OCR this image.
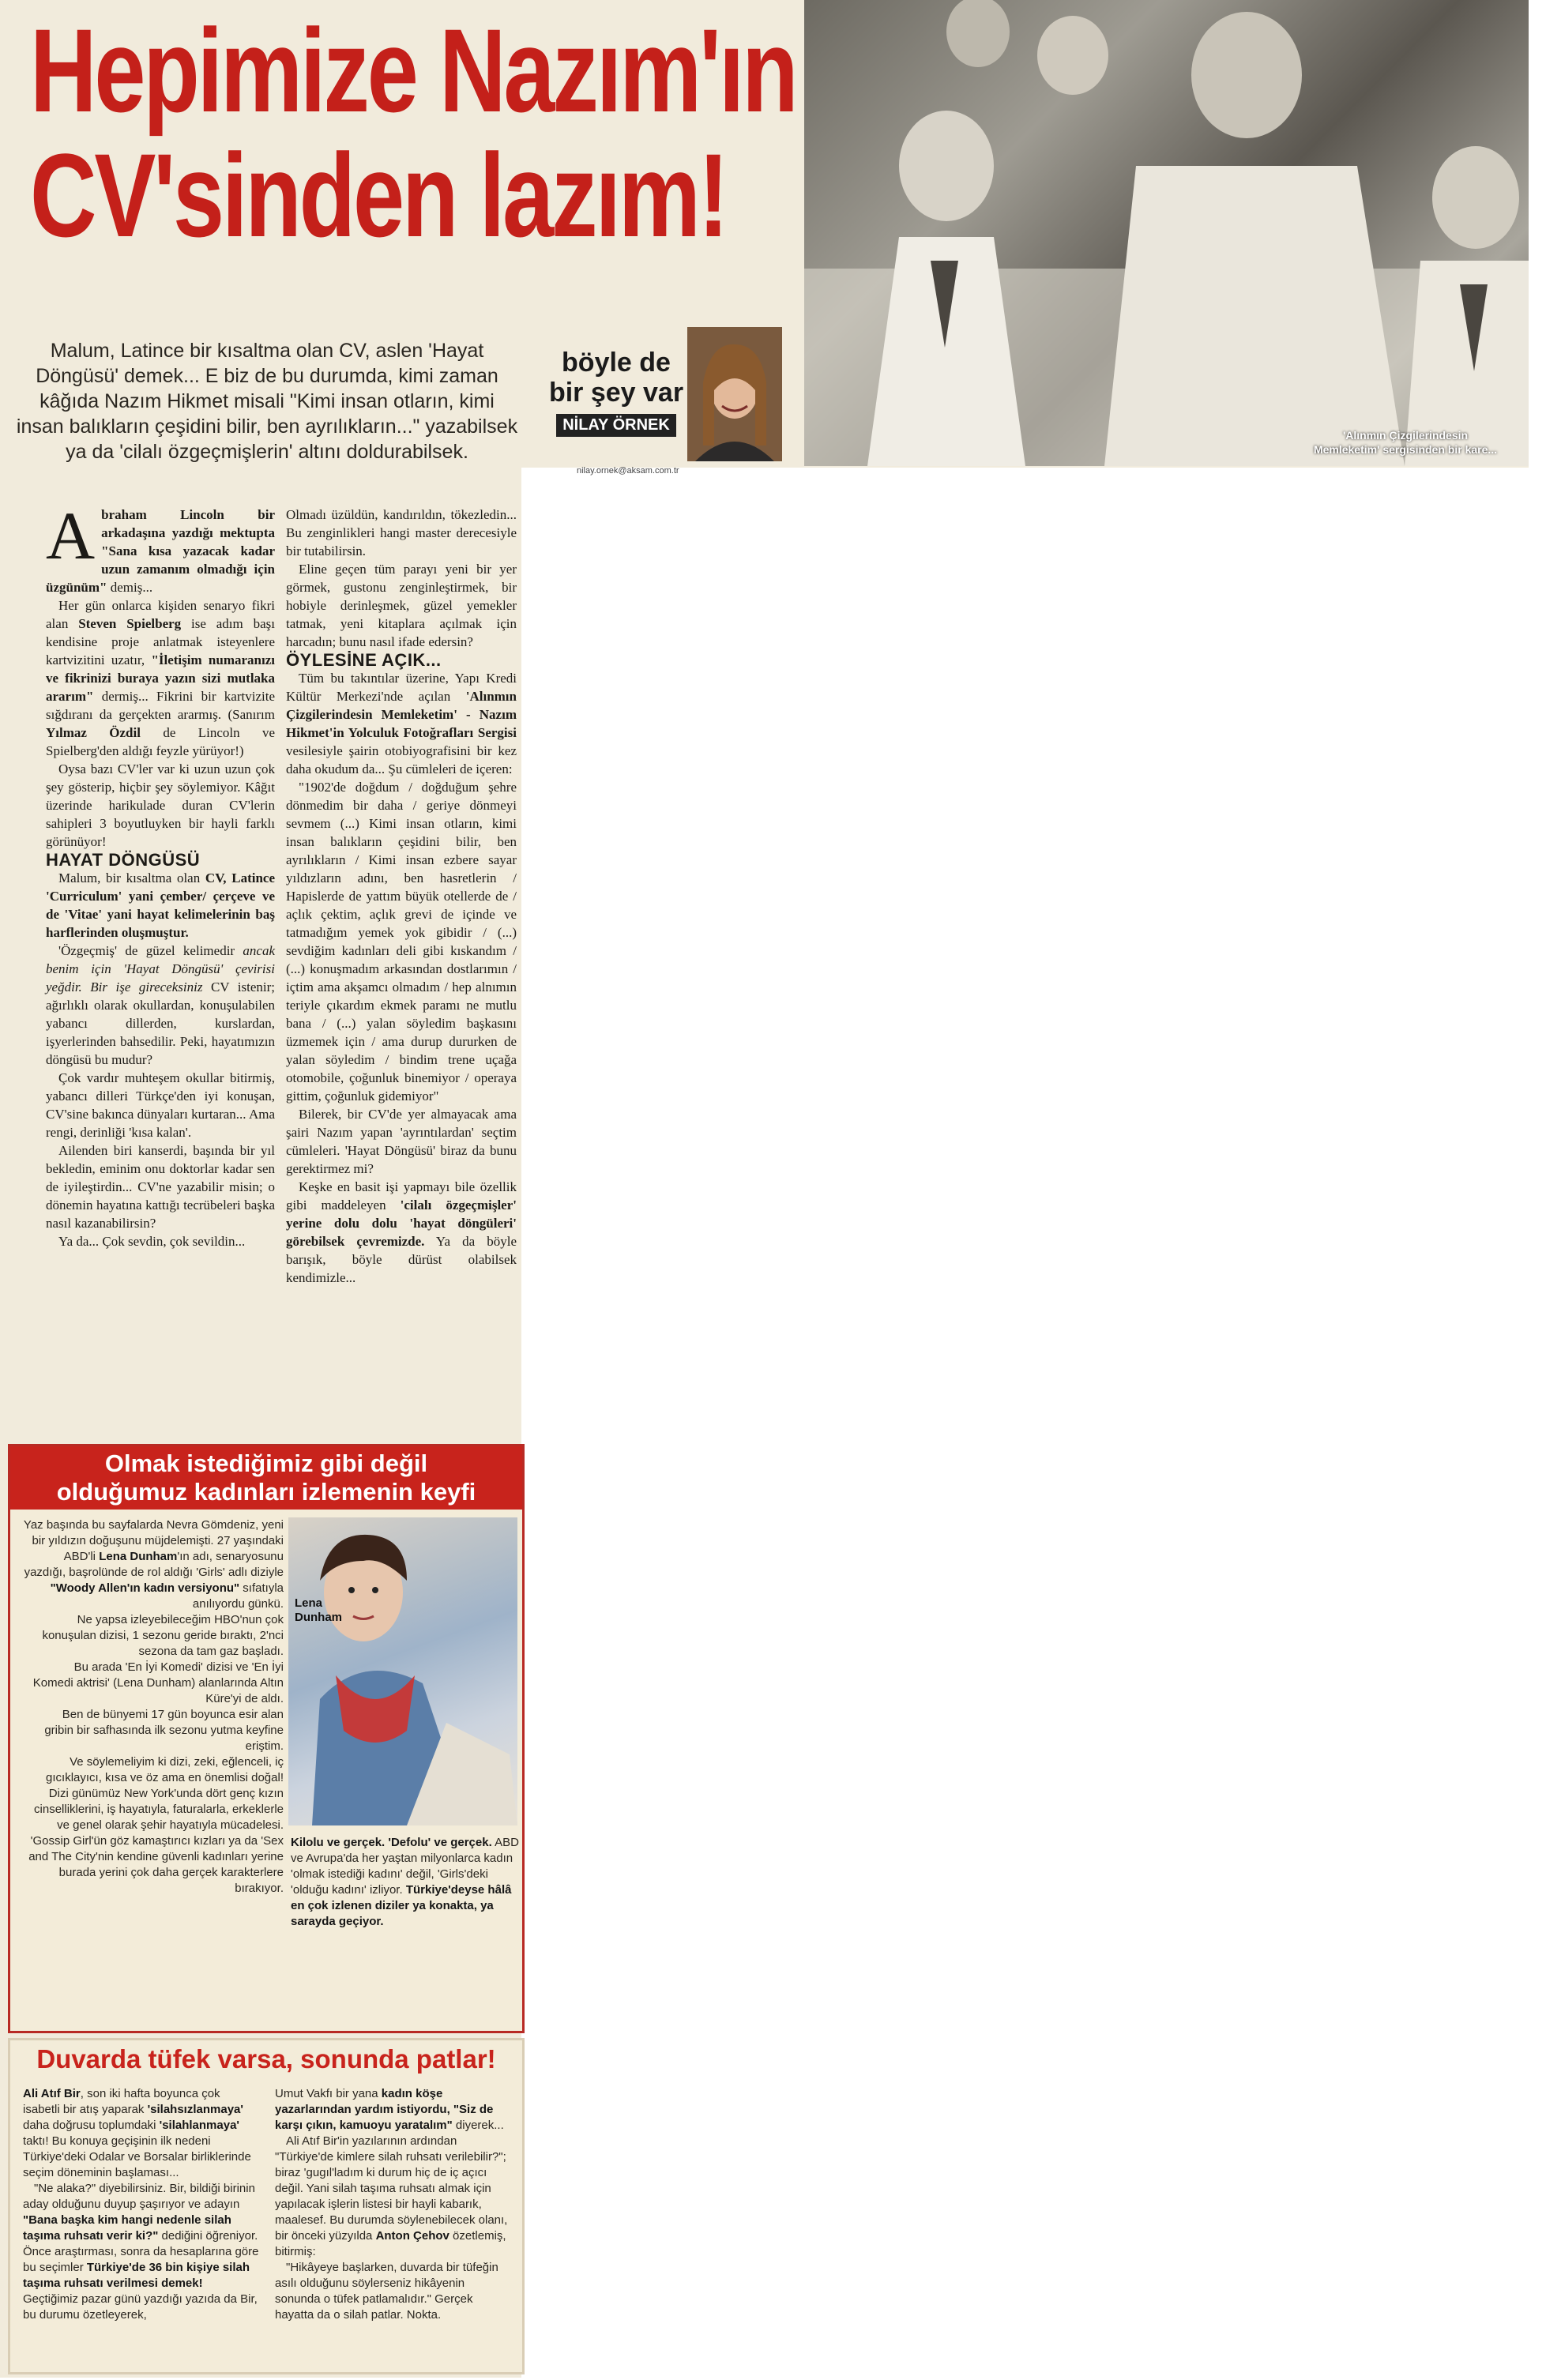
Hepimize Nazım'ın
CV'sinden lazım!
'Alınmın Çizgilerindesin Memleketim' sergisinden bir kare...
Malum, Latince bir kısaltma olan CV, aslen 'Hayat Döngüsü' demek... E biz de bu durumda, kimi zaman kâğıda Nazım Hikmet misali "Kimi insan otların, kimi insan balıkların çeşidini bilir, ben ayrılıkların..." yazabilsek ya da 'cilalı özgeçmişlerin' altını doldurabilsek.
böyle de
bir şey var
NİLAY ÖRNEK
nilay.ornek@aksam.com.tr

Abraham Lincoln bir arkadaşına yazdığı mektupta "Sana kısa yazacak kadar uzun zamanım olmadığı için üzgünüm" demiş...

Her gün onlarca kişiden senaryo fikri alan Steven Spielberg ise adım başı kendisine proje anlatmak isteyenlere kartvizitini uzatır, "İletişim numaranızı ve fikrinizi buraya yazın sizi mutlaka ararım" dermiş... Fikrini bir kartvizite sığdıranı da gerçekten ararmış. (Sanırım Yılmaz Özdil de Lincoln ve Spielberg'den aldığı feyzle yürüyor!)

Oysa bazı CV'ler var ki uzun uzun çok şey gösterip, hiçbir şey söylemiyor. Kâğıt üzerinde harikulade duran CV'lerin sahipleri 3 boyutluyken bir hayli farklı görünüyor!

HAYAT DÖNGÜSÜ

Malum, bir kısaltma olan CV, Latince 'Curriculum' yani çember/ çerçeve ve de 'Vitae' yani hayat kelimelerinin baş harflerinden oluşmuştur.

'Özgeçmiş' de güzel kelimedir ancak benim için 'Hayat Döngüsü' çevirisi yeğdir. Bir işe gireceksiniz CV istenir; ağırlıklı olarak okullardan, konuşulabilen yabancı dillerden, kurslardan, işyerlerinden bahsedilir. Peki, hayatımızın döngüsü bu mudur?

Çok vardır muhteşem okullar bitirmiş, yabancı dilleri Türkçe'den iyi konuşan, CV'sine bakınca dünyaları kurtaran... Ama rengi, derinliği 'kısa kalan'.

Ailenden biri kanserdi, başında bir yıl bekledin, eminim onu doktorlar kadar sen de iyileştirdin... CV'ne yazabilir misin; o dönemin hayatına kattığı tecrübeleri başka nasıl kazanabilirsin?

Ya da... Çok sevdin, çok sevildin...

Olmadı üzüldün, kandırıldın, tökezledin... Bu zenginlikleri hangi master derecesiyle bir tutabilirsin.

Eline geçen tüm parayı yeni bir yer görmek, gustonu zenginleştirmek, bir hobiyle derinleşmek, güzel yemekler tatmak, yeni kitaplara açılmak için harcadın; bunu nasıl ifade edersin?

ÖYLESİNE AÇIK...

Tüm bu takıntılar üzerine, Yapı Kredi Kültür Merkezi'nde açılan 'Alınmın Çizgilerindesin Memleketim' - Nazım Hikmet'in Yolculuk Fotoğrafları Sergisi vesilesiyle şairin otobiyografisini bir kez daha okudum da... Şu cümleleri de içeren:

"1902'de doğdum / doğduğum şehre dönmedim bir daha / geriye dönmeyi sevmem (...) Kimi insan otların, kimi insan balıkların çeşidini bilir, ben ayrılıkların / Kimi insan ezbere sayar yıldızların adını, ben hasretlerin / Hapislerde de yattım büyük otellerde de / açlık çektim, açlık grevi de içinde ve tatmadığım yemek yok gibidir / (...) sevdiğim kadınları deli gibi kıskandım / (...) konuşmadım arkasından dostlarımın / içtim ama akşamcı olmadım / hep alnımın teriyle çıkardım ekmek paramı ne mutlu bana / (...) yalan söyledim başkasını üzmemek için / ama durup dururken de yalan söyledim / bindim trene uçağa otomobile, çoğunluk binemiyor / operaya gittim, çoğunluk gidemiyor"

Bilerek, bir CV'de yer almayacak ama şairi Nazım yapan 'ayrıntılardan' seçtim cümleleri. 'Hayat Döngüsü' biraz da bunu gerektirmez mi?

Keşke en basit işi yapmayı bile özellik gibi maddeleyen 'cilalı özgeçmişler' yerine dolu dolu 'hayat döngüleri' görebilsek çevremizde. Ya da böyle barışık, böyle dürüst olabilsek kendimizle...

Olmak istediğimiz gibi değil
olduğumuz kadınları izlemenin keyfi

Yaz başında bu sayfalarda Nevra Gömdeniz, yeni bir yıldızın doğuşunu müjdelemişti. 27 yaşındaki ABD'li Lena Dunham'ın adı, senaryosunu yazdığı, başrolünde de rol aldığı 'Girls' adlı diziyle "Woody Allen'ın kadın versiyonu" sıfatıyla anılıyordu günkü.

Ne yapsa izleyebileceğim HBO'nun çok konuşulan dizisi, 1 sezonu geride bıraktı, 2'nci sezona da tam gaz başladı.

Bu arada 'En İyi Komedi' dizisi ve 'En İyi Komedi aktrisi' (Lena Dunham) alanlarında Altın Küre'yi de aldı.

Ben de bünyemi 17 gün boyunca esir alan gribin bir safhasında ilk sezonu yutma keyfine eriştim.

Ve söylemeliyim ki dizi, zeki, eğlenceli, iç gıcıklayıcı, kısa ve öz ama en önemlisi doğal!

Dizi günümüz New York'unda dört genç kızın cinselliklerini, iş hayatıyla, faturalarla, erkeklerle ve genel olarak şehir hayatıyla mücadelesi. 'Gossip Girl'ün göz kamaştırıcı kızları ya da 'Sex and The City'nin kendine güvenli kadınları yerine burada yerini çok daha gerçek karakterlere bırakıyor.

Lena
Dunham

Kilolu ve gerçek. 'Defolu' ve gerçek. ABD ve Avrupa'da her yaştan milyonlarca kadın 'olmak istediği kadını' değil, 'Girls'deki 'olduğu kadını' izliyor. Türkiye'deyse hâlâ en çok izlenen diziler ya konakta, ya sarayda geçiyor.

Duvarda tüfek varsa, sonunda patlar!

Ali Atıf Bir, son iki hafta boyunca çok isabetli bir atış yaparak 'silahsızlanmaya' daha doğrusu toplumdaki 'silahlanmaya' taktı! Bu konuya geçişinin ilk nedeni Türkiye'deki Odalar ve Borsalar birliklerinde seçim döneminin başlaması...

"Ne alaka?" diyebilirsiniz. Bir, bildiği birinin aday olduğunu duyup şaşırıyor ve adayın "Bana başka kim hangi nedenle silah taşıma ruhsatı verir ki?" dediğini öğreniyor. Önce araştırması, sonra da hesaplarına göre bu seçimler Türkiye'de 36 bin kişiye silah taşıma ruhsatı verilmesi demek! Geçtiğimiz pazar günü yazdığı yazıda da Bir, bu durumu özetleyerek,

Umut Vakfı bir yana kadın köşe yazarlarından yardım istiyordu, "Siz de karşı çıkın, kamuoyu yaratalım" diyerek...

Ali Atıf Bir'in yazılarının ardından "Türkiye'de kimlere silah ruhsatı verilebilir?"; biraz 'gugıl'ladım ki durum hiç de iç açıcı değil. Yani silah taşıma ruhsatı almak için yapılacak işlerin listesi bir hayli kabarık, maalesef. Bu durumda söylenebilecek olanı, bir önceki yüzyılda Anton Çehov özetlemiş, bitirmiş:

"Hikâyeye başlarken, duvarda bir tüfeğin asılı olduğunu söylerseniz hikâyenin sonunda o tüfek patlamalıdır." Gerçek hayatta da o silah patlar. Nokta.
